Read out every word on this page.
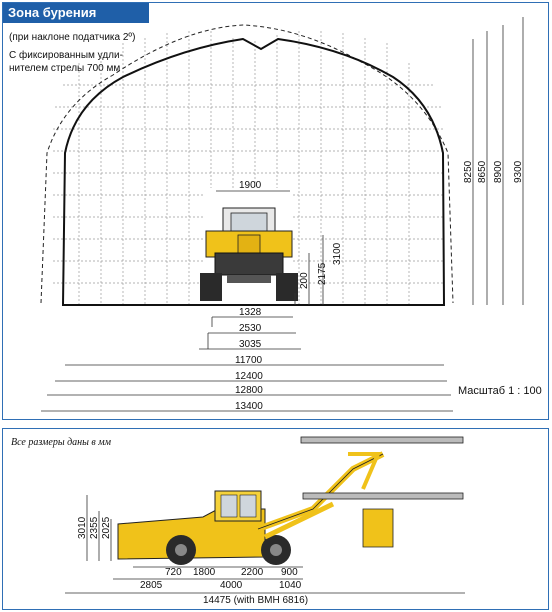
Зона бурения
(при наклоне податчика 2º)
С фиксированным удли-
нителем стрелы 700 мм
Масштаб 1 : 100
8250 8650 8900 9300
3100
2175
200
1900
1328
2530
3035
11700
12400
12800
13400
Все размеры даны в мм
3010 2355 2025
720 1800	2200 900
2805	4000	1040
14475 (with BMH 6816)
